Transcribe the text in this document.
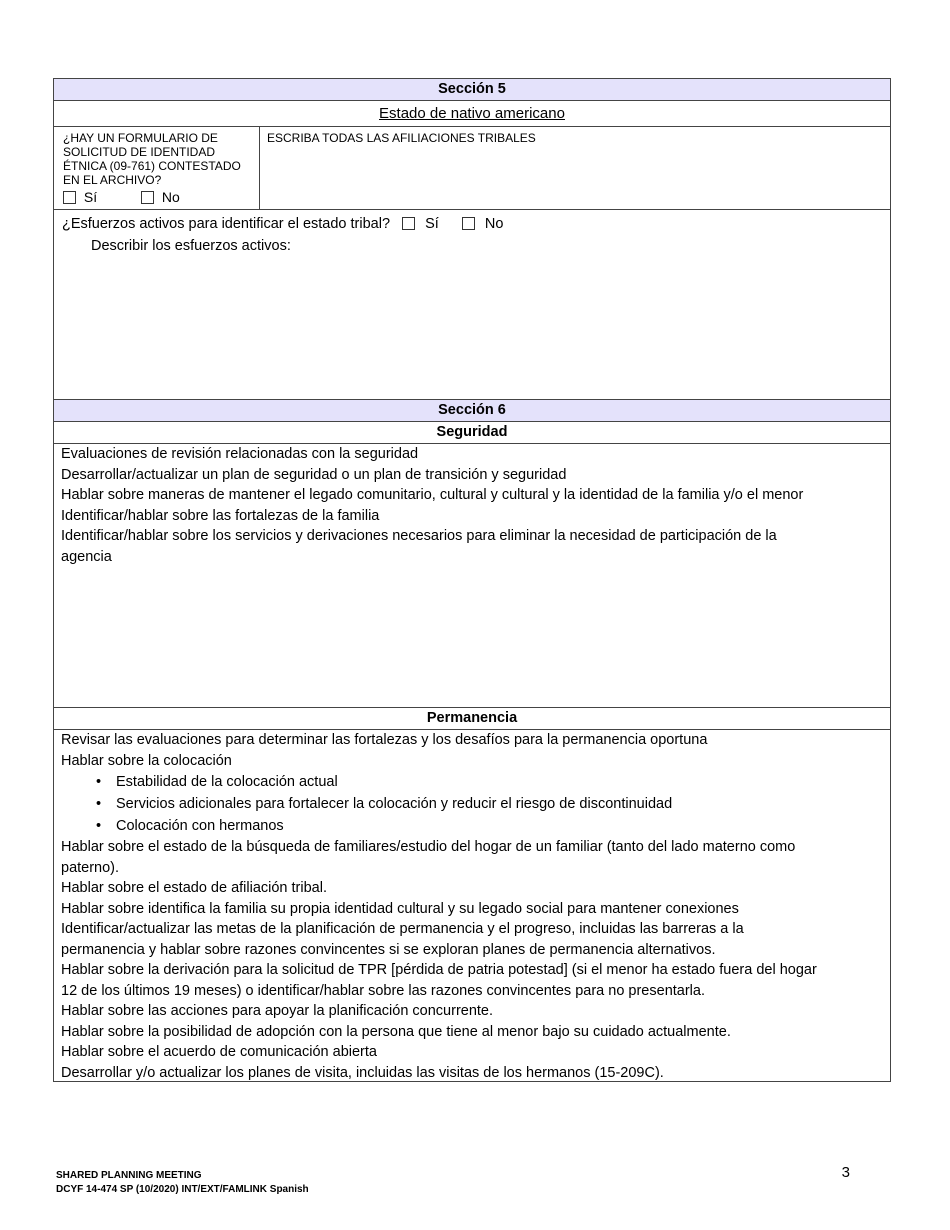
Sección 5
Estado de nativo americano
¿HAY UN FORMULARIO DE
SOLICITUD DE IDENTIDAD
ÉTNICA (09-761) CONTESTADO
EN EL ARCHIVO?
Sí	No
ESCRIBA TODAS LAS AFILIACIONES TRIBALES
¿Esfuerzos activos para identificar el estado tribal? Sí	No
Describir los esfuerzos activos:
Sección 6
Seguridad
Evaluaciones de revisión relacionadas con la seguridad
Desarrollar/actualizar un plan de seguridad o un plan de transición y seguridad
Hablar sobre maneras de mantener el legado comunitario, cultural y cultural y la identidad de la familia y/o el menor
Identificar/hablar sobre las fortalezas de la familia
Identificar/hablar sobre los servicios y derivaciones necesarios para eliminar la necesidad de participación de la
agencia
Permanencia
Revisar las evaluaciones para determinar las fortalezas y los desafíos para la permanencia oportuna
Hablar sobre la colocación
• Estabilidad de la colocación actual
• Servicios adicionales para fortalecer la colocación y reducir el riesgo de discontinuidad
• Colocación con hermanos
Hablar sobre el estado de la búsqueda de familiares/estudio del hogar de un familiar (tanto del lado materno como
paterno).
Hablar sobre el estado de afiliación tribal.
Hablar sobre identifica la familia su propia identidad cultural y su legado social para mantener conexiones
Identificar/actualizar las metas de la planificación de permanencia y el progreso, incluidas las barreras a la
permanencia y hablar sobre razones convincentes si se exploran planes de permanencia alternativos.
Hablar sobre la derivación para la solicitud de TPR [pérdida de patria potestad] (si el menor ha estado fuera del hogar
12 de los últimos 19 meses) o identificar/hablar sobre las razones convincentes para no presentarla.
Hablar sobre las acciones para apoyar la planificación concurrente.
Hablar sobre la posibilidad de adopción con la persona que tiene al menor bajo su cuidado actualmente.
Hablar sobre el acuerdo de comunicación abierta
Desarrollar y/o actualizar los planes de visita, incluidas las visitas de los hermanos (15-209C).
SHARED PLANNING MEETING
DCYF 14-474 SP (10/2020) INT/EXT/FAMLINK Spanish
3
